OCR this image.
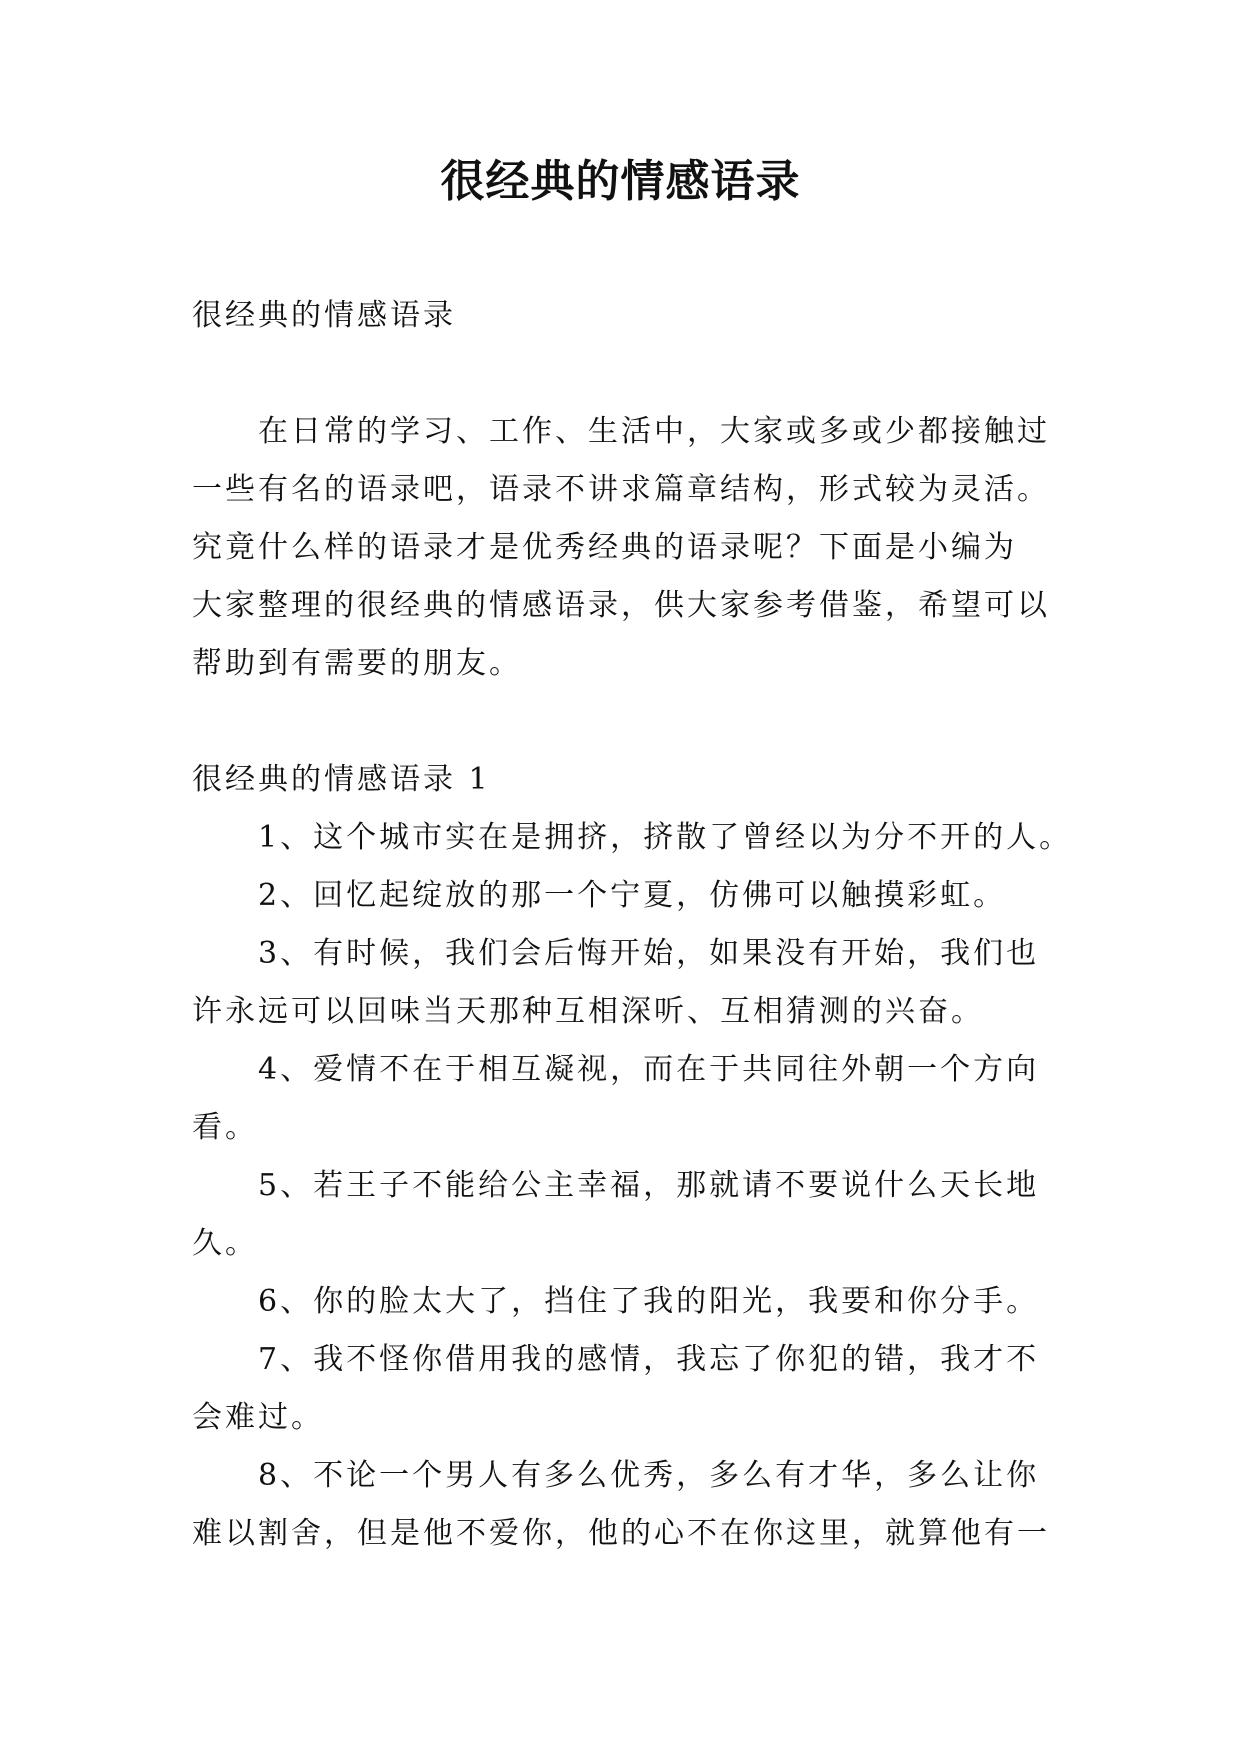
很经典的情感语录
很经典的情感语录
在日常的学习、工作、生活中，大家或多或少都接触过
一些有名的语录吧，语录不讲求篇章结构，形式较为灵活。
究竟什么样的语录才是优秀经典的语录呢？下面是小编为
大家整理的很经典的情感语录，供大家参考借鉴，希望可以
帮助到有需要的朋友。
很经典的情感语录 1
1、这个城市实在是拥挤，挤散了曾经以为分不开的人。
2、回忆起绽放的那一个宁夏，仿佛可以触摸彩虹。
3、有时候，我们会后悔开始，如果没有开始，我们也
许永远可以回味当天那种互相深听、互相猜测的兴奋。
4、爱情不在于相互凝视，而在于共同往外朝一个方向
看。
5、若王子不能给公主幸福，那就请不要说什么天长地
久。
6、你的脸太大了，挡住了我的阳光，我要和你分手。
7、我不怪你借用我的感情，我忘了你犯的错，我才不
会难过。
8、不论一个男人有多么优秀，多么有才华，多么让你
难以割舍，但是他不爱你，他的心不在你这里，就算他有一
